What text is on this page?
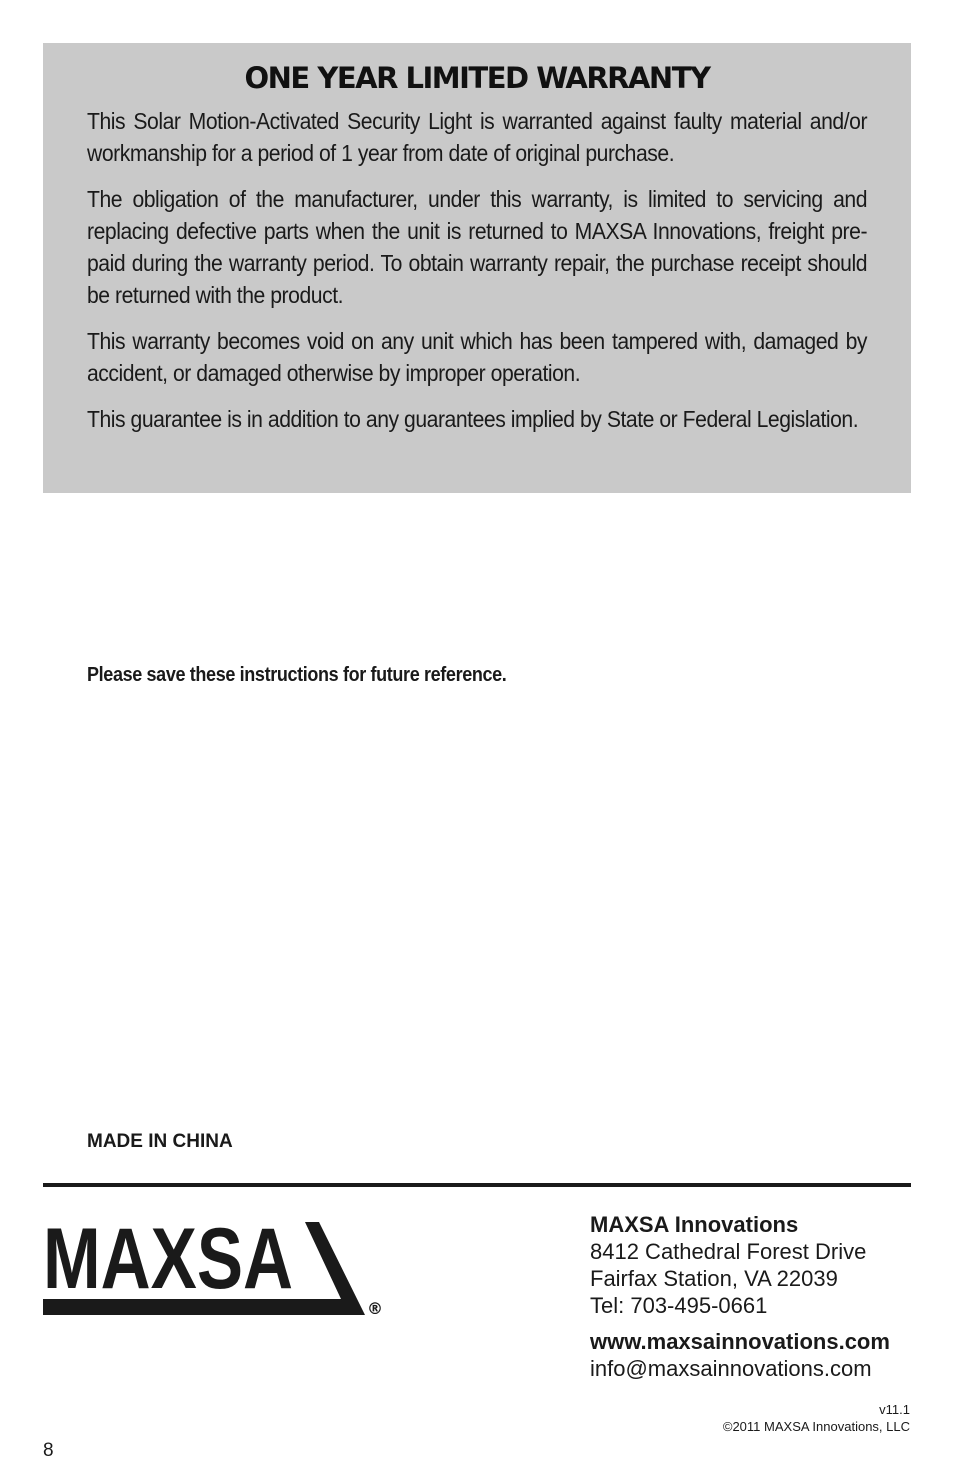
ONE YEAR LIMITED WARRANTY

This Solar Motion-Activated Security Light is warranted against faulty material and/or workmanship for a period of 1 year from date of original purchase.

The obligation of the manufacturer, under this warranty, is limited to servicing and replacing defective parts when the unit is returned to MAXSA Innovations, freight pre-paid during the warranty period. To obtain warranty repair, the purchase receipt should be returned with the product.

This warranty becomes void on any unit which has been tampered with, damaged by accident, or damaged otherwise by improper operation.

This guarantee is in addition to any guarantees implied by State or Federal Legislation.

Please save these instructions for future reference.
MADE IN CHINA
MAXSA
®
MAXSA Innovations
8412 Cathedral Forest Drive
Fairfax Station, VA 22039
Tel: 703-495-0661
www.maxsainnovations.com
info@maxsainnovations.com
v11.1
©2011 MAXSA Innovations, LLC
8
